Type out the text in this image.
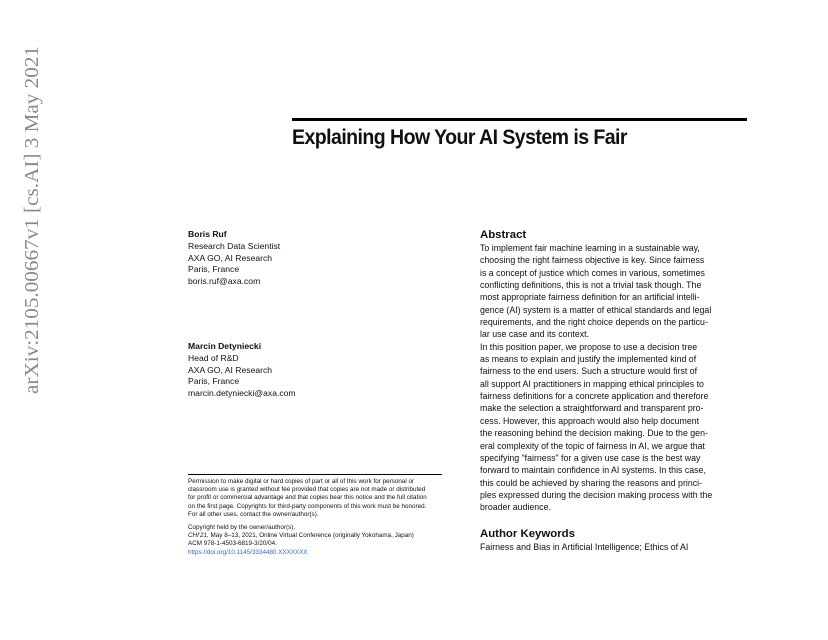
arXiv:2105.00667v1 [cs.AI] 3 May 2021	Explaining How Your AI System is Fair
Boris Ruf
Research Data Scientist
AXA GO, AI Research
Paris, France
boris.ruf@axa.com
Marcin Detyniecki
Head of R&D
AXA GO, AI Research
Paris, France
marcin.detyniecki@axa.com
Permission to make digital or hard copies of part or all of this work for personal or
classroom use is granted without fee provided that copies are not made or distributed
for profit or commercial advantage and that copies bear this notice and the full citation
on the first page. Copyrights for third-party components of this work must be honored.
For all other uses, contact the owner/author(s).
Copyright held by the owner/author(s).
CHI'21, May 8–13, 2021, Online Virtual Conference (originally Yokohama, Japan)
ACM 978-1-4503-6819-3/20/04.
https://doi.org/10.1145/3334480.XXXXXXX
Abstract
To implement fair machine learning in a sustainable way,
choosing the right fairness objective is key. Since fairness
is a concept of justice which comes in various, sometimes
conflicting definitions, this is not a trivial task though. The
most appropriate fairness definition for an artificial intelli-
gence (AI) system is a matter of ethical standards and legal
requirements, and the right choice depends on the particu-
lar use case and its context.
In this position paper, we propose to use a decision tree
as means to explain and justify the implemented kind of
fairness to the end users. Such a structure would first of
all support AI practitioners in mapping ethical principles to
fairness definitions for a concrete application and therefore
make the selection a straightforward and transparent pro-
cess. However, this approach would also help document
the reasoning behind the decision making. Due to the gen-
eral complexity of the topic of fairness in AI, we argue that
specifying "fairness" for a given use case is the best way
forward to maintain confidence in AI systems. In this case,
this could be achieved by sharing the reasons and princi-
ples expressed during the decision making process with the
broader audience.
Author Keywords
Fairness and Bias in Artificial Intelligence; Ethics of AI
